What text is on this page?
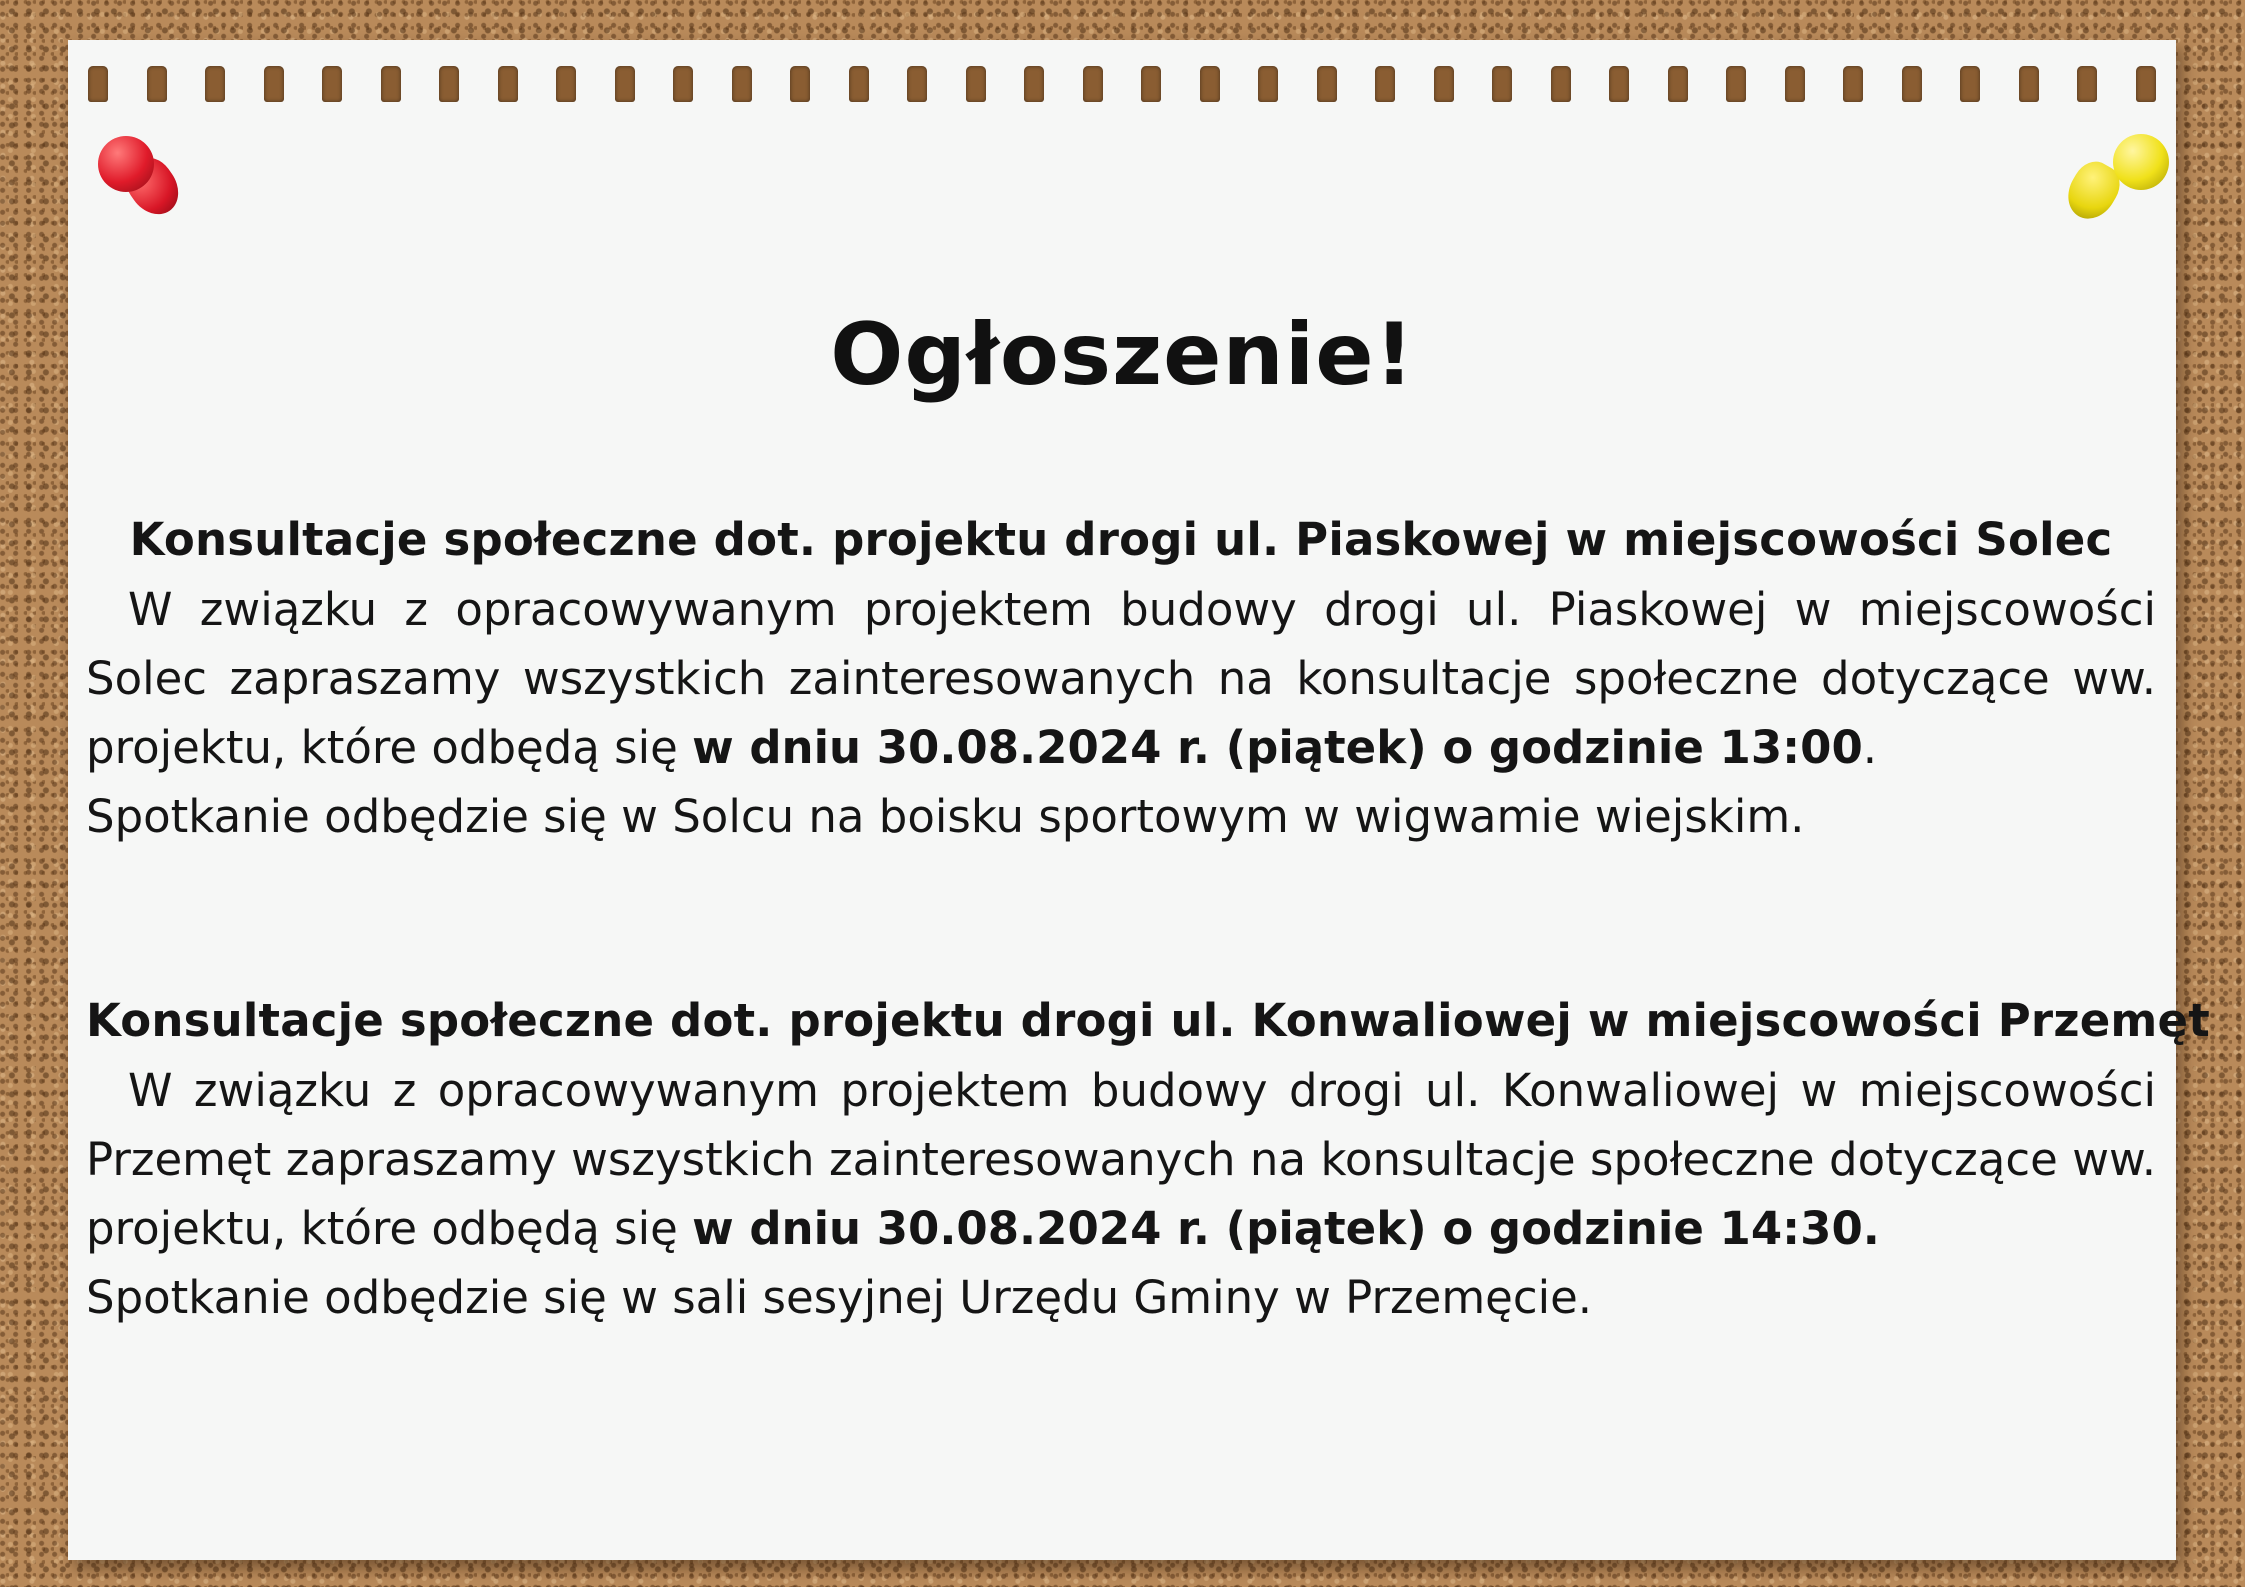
Ogłoszenie!
Konsultacje społeczne dot. projektu drogi ul. Piaskowej w miejscowości Solec

W związku z opracowywanym projektem budowy drogi ul. Piaskowej w miejscowości Solec zapraszamy wszystkich zainteresowanych na konsultacje społeczne dotyczące ww. projektu, które odbędą się w dniu 30.08.2024 r. (piątek) o godzinie 13:00.

Spotkanie odbędzie się w Solcu na boisku sportowym w wigwamie wiejskim.

Konsultacje społeczne dot. projektu drogi ul. Konwaliowej w miejscowości Przemęt

W związku z opracowywanym projektem budowy drogi ul. Konwaliowej w miejscowości Przemęt zapraszamy wszystkich zainteresowanych na konsultacje społeczne dotyczące ww. projektu, które odbędą się w dniu 30.08.2024 r. (piątek) o godzinie 14:30.

Spotkanie odbędzie się w sali sesyjnej Urzędu Gminy w Przemęcie.
